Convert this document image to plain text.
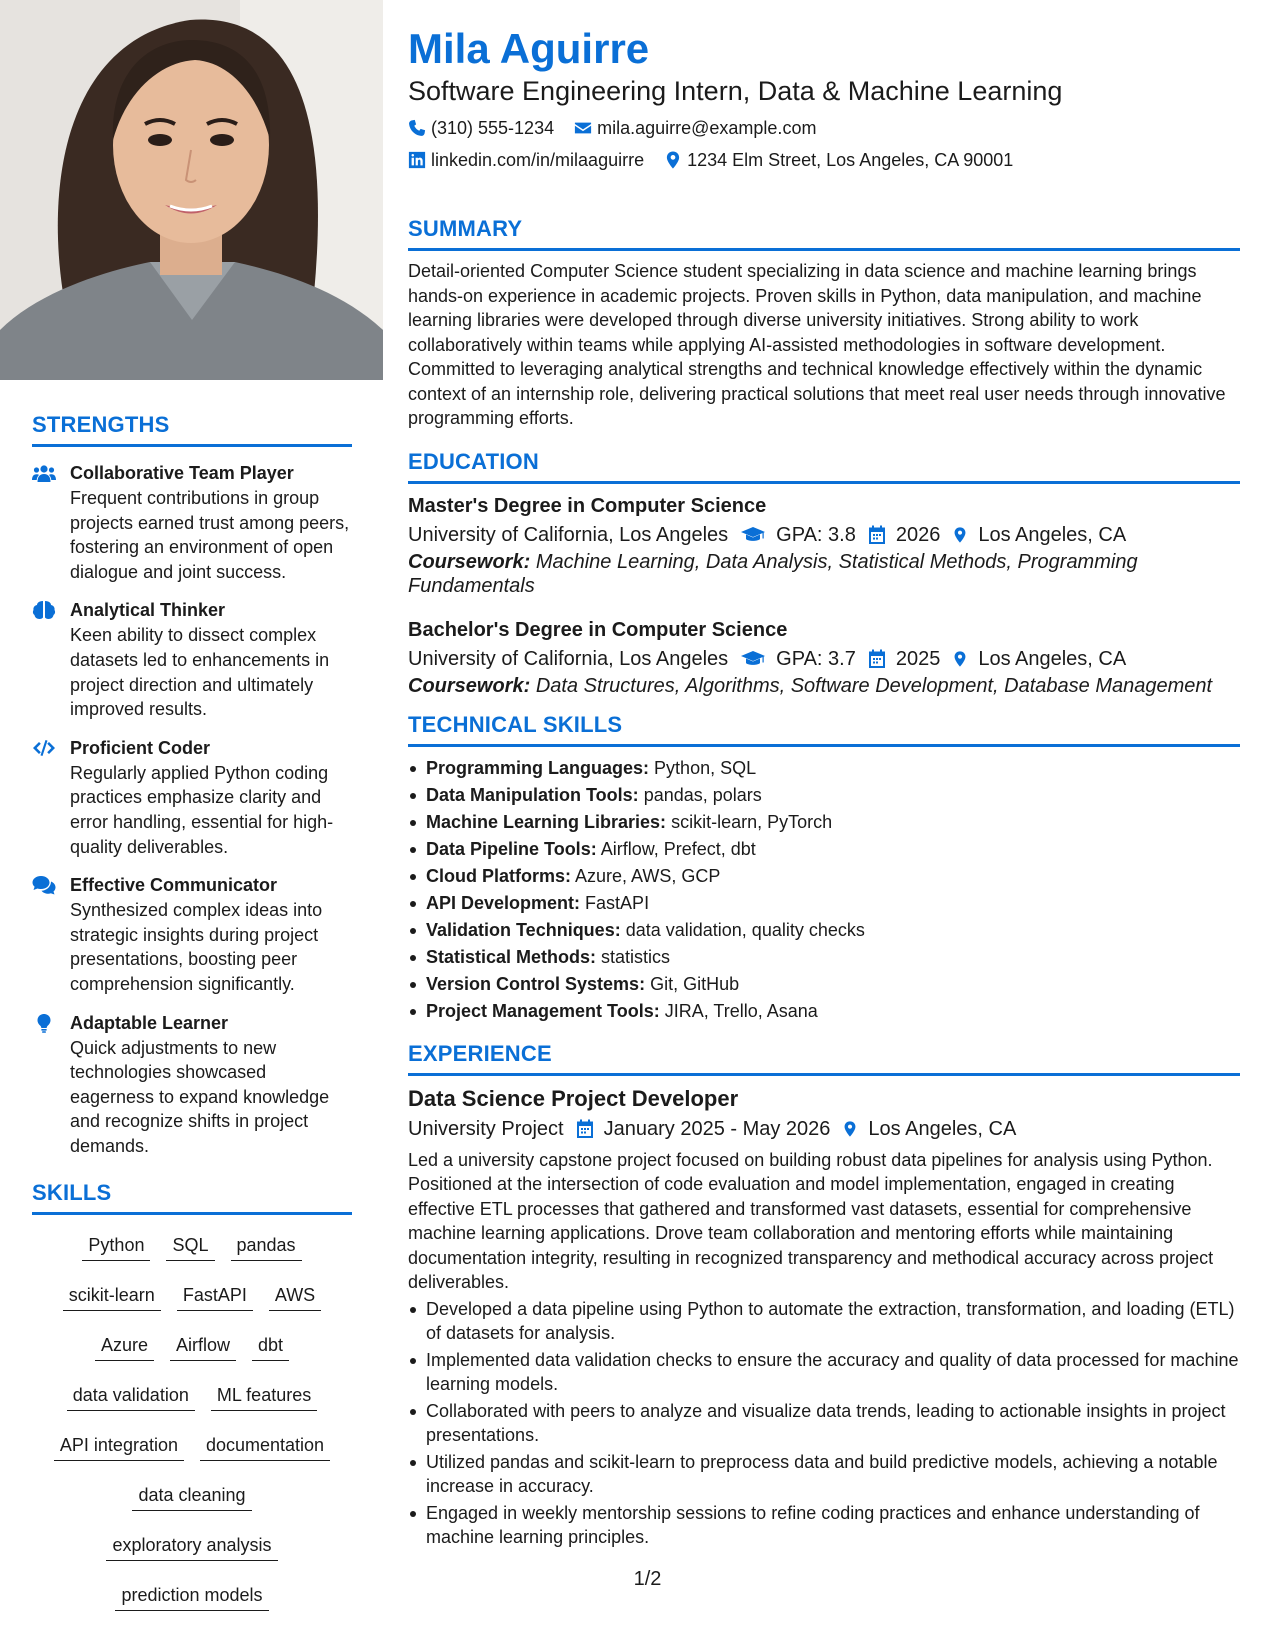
STRENGTHS
Collaborative Team Player
Frequent contributions in group projects earned trust among peers, fostering an environment of open dialogue and joint success.
Analytical Thinker
Keen ability to dissect complex datasets led to enhancements in project direction and ultimately improved results.
Proficient Coder
Regularly applied Python coding practices emphasize clarity and error handling, essential for high-quality deliverables.
Effective Communicator
Synthesized complex ideas into strategic insights during project presentations, boosting peer comprehension significantly.
Adaptable Learner
Quick adjustments to new technologies showcased eagerness to expand knowledge and recognize shifts in project demands.
SKILLS
Python	SQL	pandas
scikit-learn	FastAPI	AWS
Azure	Airflow	dbt
data validation	ML features
API integration	documentation
data cleaning
exploratory analysis
prediction models
Mila Aguirre
Software Engineering Intern, Data & Machine Learning
(310) 555-1234 mila.aguirre@example.com
linkedin.com/in/milaaguirre 1234 Elm Street, Los Angeles, CA 90001
SUMMARY
Detail-oriented Computer Science student specializing in data science and machine learning brings hands-on experience in academic projects. Proven skills in Python, data manipulation, and machine learning libraries were developed through diverse university initiatives. Strong ability to work collaboratively within teams while applying AI-assisted methodologies in software development. Committed to leveraging analytical strengths and technical knowledge effectively within the dynamic context of an internship role, delivering practical solutions that meet real user needs through innovative programming efforts.
EDUCATION
Master's Degree in Computer Science
University of California, Los Angeles GPA: 3.8 2026 Los Angeles, CA
Coursework: Machine Learning, Data Analysis, Statistical Methods, Programming Fundamentals
Bachelor's Degree in Computer Science
University of California, Los Angeles GPA: 3.7 2025 Los Angeles, CA
Coursework: Data Structures, Algorithms, Software Development, Database Management
TECHNICAL SKILLS
Programming Languages: Python, SQL
Data Manipulation Tools: pandas, polars
Machine Learning Libraries: scikit-learn, PyTorch
Data Pipeline Tools: Airflow, Prefect, dbt
Cloud Platforms: Azure, AWS, GCP
API Development: FastAPI
Validation Techniques: data validation, quality checks
Statistical Methods: statistics
Version Control Systems: Git, GitHub
Project Management Tools: JIRA, Trello, Asana
EXPERIENCE
Data Science Project Developer
University Project January 2025 - May 2026 Los Angeles, CA
Led a university capstone project focused on building robust data pipelines for analysis using Python. Positioned at the intersection of code evaluation and model implementation, engaged in creating effective ETL processes that gathered and transformed vast datasets, essential for comprehensive machine learning applications. Drove team collaboration and mentoring efforts while maintaining documentation integrity, resulting in recognized transparency and methodical accuracy across project deliverables.
Developed a data pipeline using Python to automate the extraction, transformation, and loading (ETL) of datasets for analysis.
Implemented data validation checks to ensure the accuracy and quality of data processed for machine learning models.
Collaborated with peers to analyze and visualize data trends, leading to actionable insights in project presentations.
Utilized pandas and scikit-learn to preprocess data and build predictive models, achieving a notable increase in accuracy.
Engaged in weekly mentorship sessions to refine coding practices and enhance understanding of machine learning principles.
1/2
